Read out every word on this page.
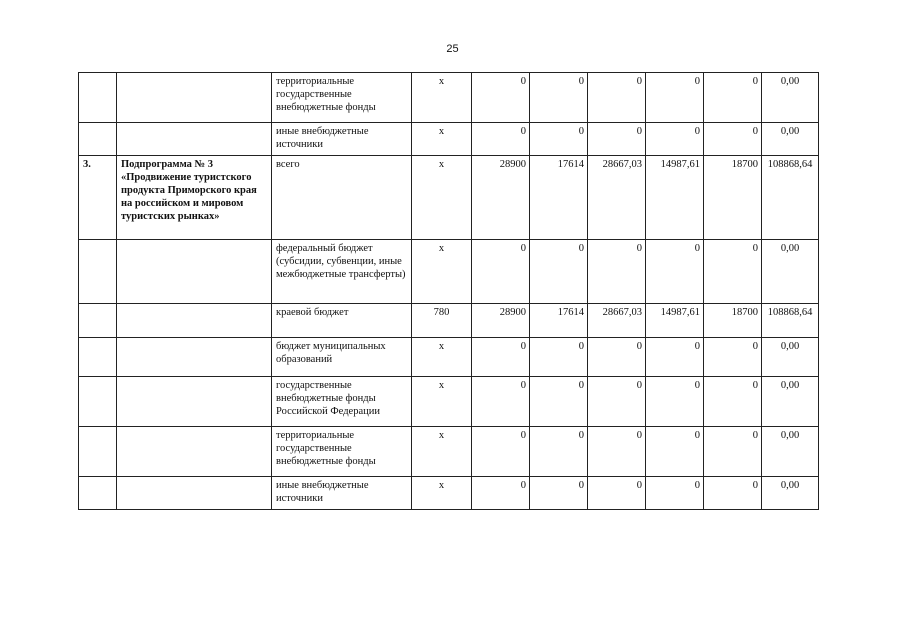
25
		территориальные государственные внебюджетные фонды	x	0	0	0	0	0	0,00
		иные внебюджетные источники	x	0	0	0	0	0	0,00
3.	Подпрограмма № 3 «Продвижение туристского продукта Приморского края на российском и мировом туристских рынках»	всего	x	28900	17614	28667,03	14987,61	18700	108868,64
		федеральный бюджет (субсидии, субвенции, иные межбюджетные трансферты)	x	0	0	0	0	0	0,00
		краевой бюджет	780	28900	17614	28667,03	14987,61	18700	108868,64
		бюджет муниципальных образований	x	0	0	0	0	0	0,00
		государственные внебюджетные фонды Российской Федерации	x	0	0	0	0	0	0,00
		территориальные государственные внебюджетные фонды	x	0	0	0	0	0	0,00
		иные внебюджетные источники	x	0	0	0	0	0	0,00
